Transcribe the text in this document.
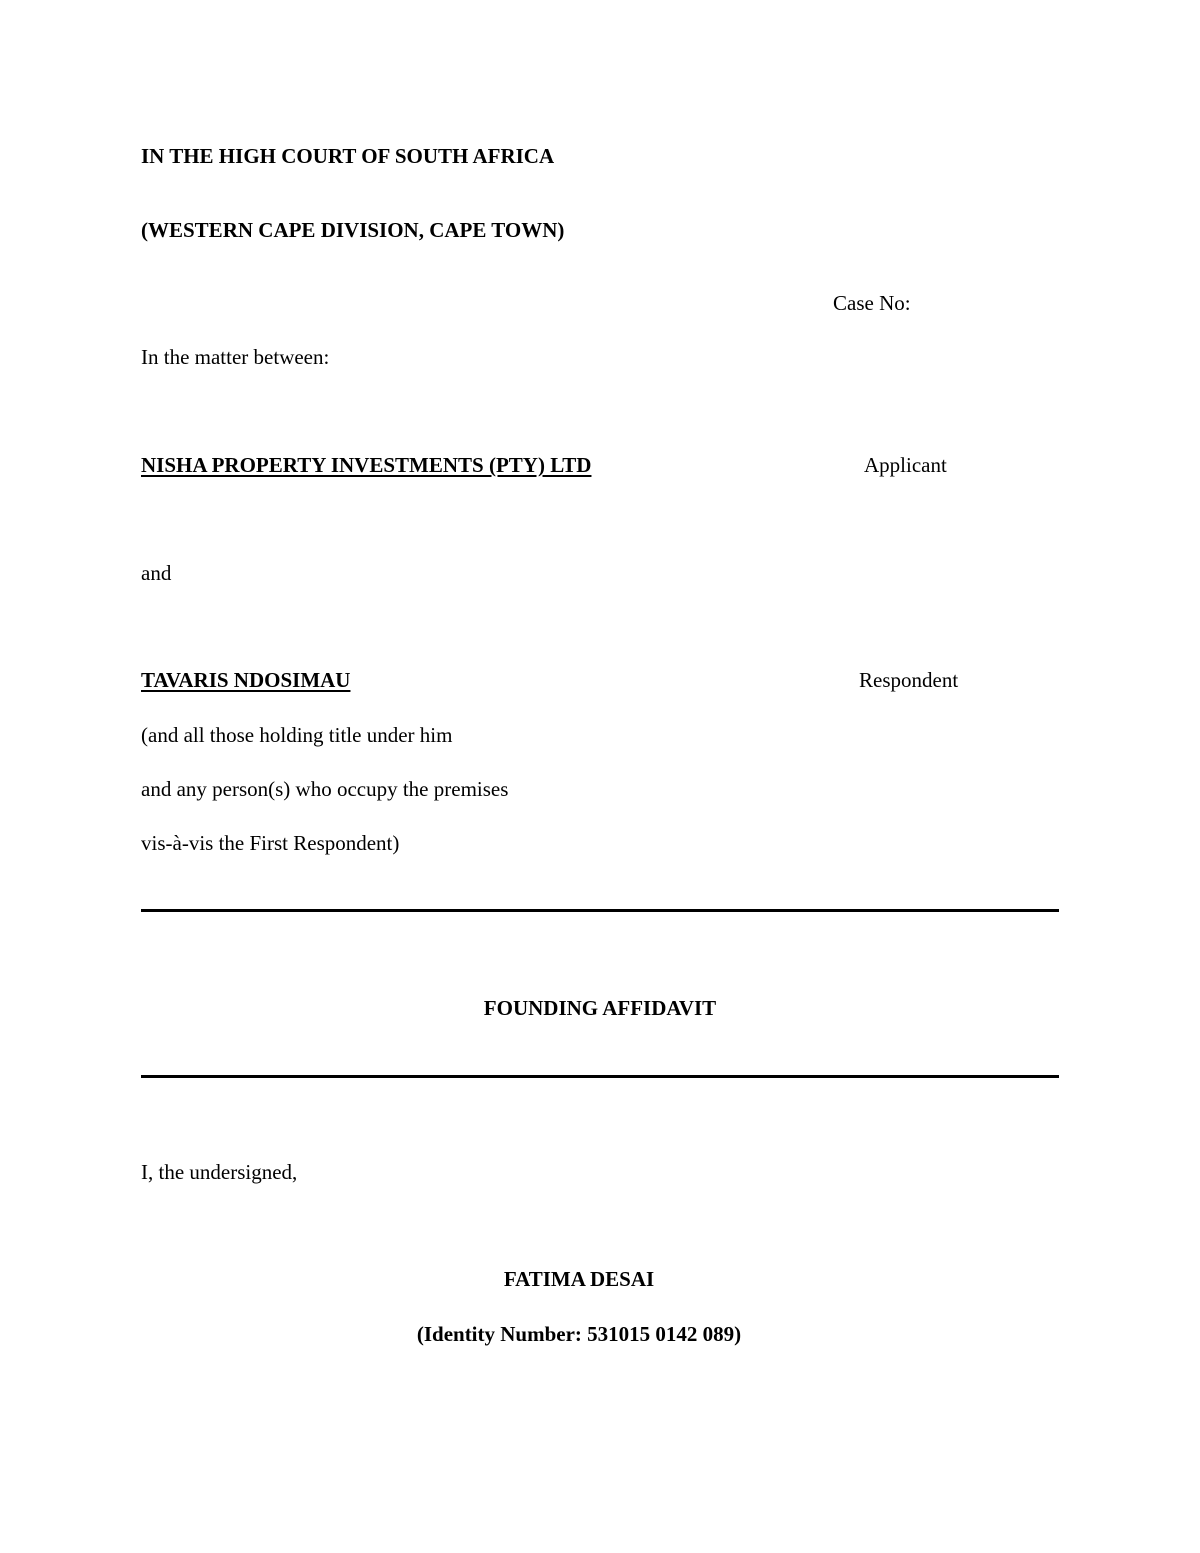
IN THE HIGH COURT OF SOUTH AFRICA
(WESTERN CAPE DIVISION, CAPE TOWN)
Case No:
In the matter between:
NISHA PROPERTY INVESTMENTS (PTY) LTD	Applicant
and
TAVARIS NDOSIMAU	Respondent
(and all those holding title under him
and any person(s) who occupy the premises
vis-à-vis the First Respondent)
FOUNDING AFFIDAVIT
I, the undersigned,
FATIMA DESAI
(Identity Number: 531015 0142 089)
